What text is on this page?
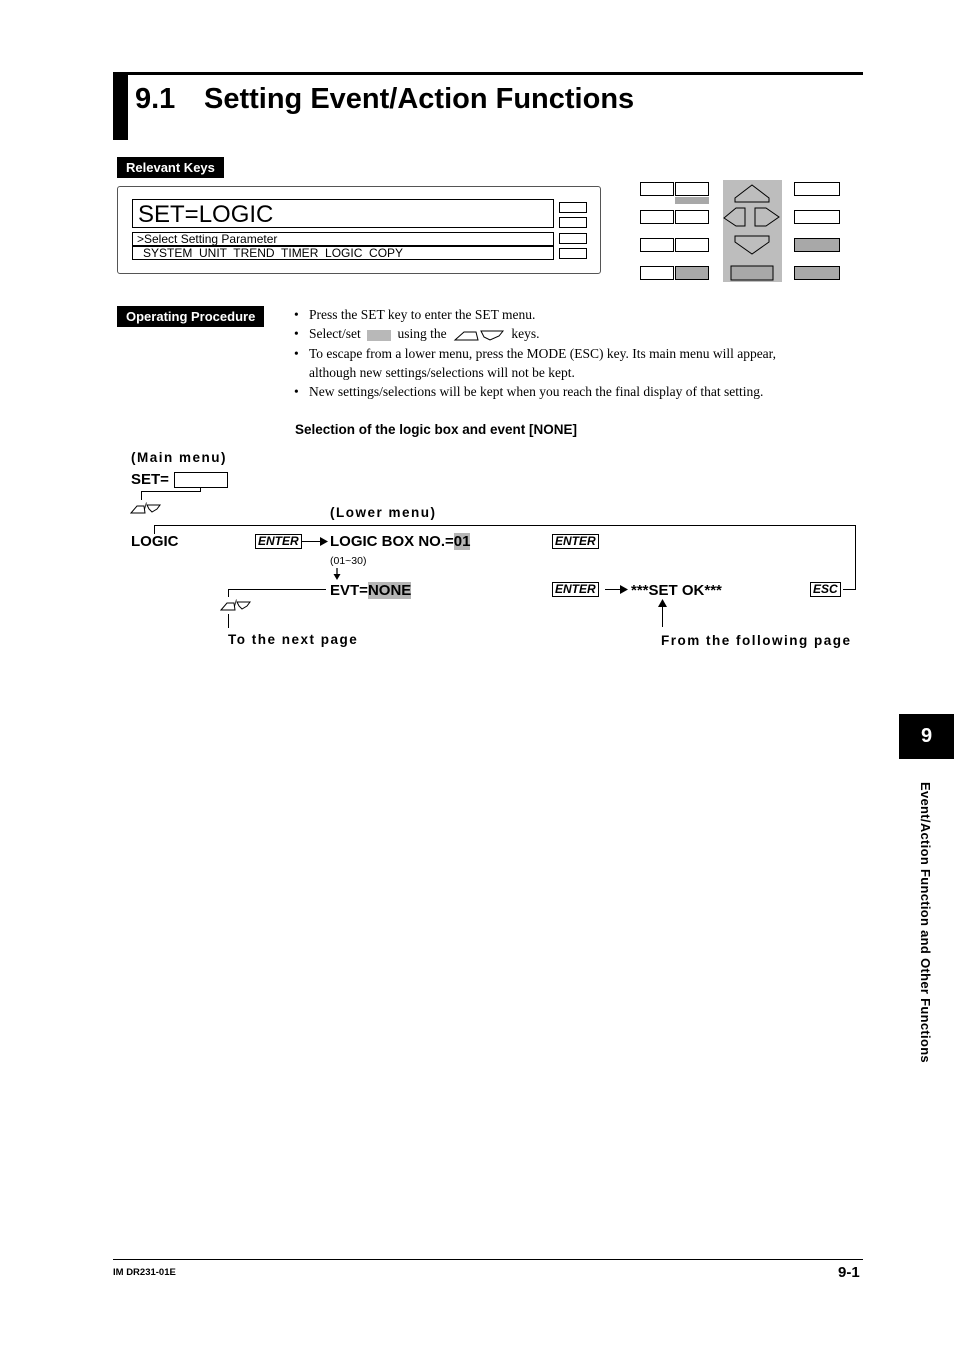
9.1 Setting Event/Action Functions
Relevant Keys
SET=LOGIC
>Select Setting Parameter
SYSTEM  UNIT  TREND  TIMER  LOGIC  COPY
Operating Procedure
•	Press the SET key to enter the SET menu.
• Select/set	using the	keys.
• To escape from a lower menu, press the MODE (ESC) key. Its main menu will appear,
although new settings/selections will not be kept.
• New settings/selections will be kept when you reach the final display of that setting.
Selection of the logic box and event [NONE]
(Main menu)
SET=
/	(Lower menu)
LOGIC	ENTER LOGIC BOX NO.=01
(01~30)
ENTER
EVT=NONE
/
To the next page
ENTER ***SET OK***	ESC
From the following page
9
Event/Action Function and Other Functions
IM DR231-01E	9-1
